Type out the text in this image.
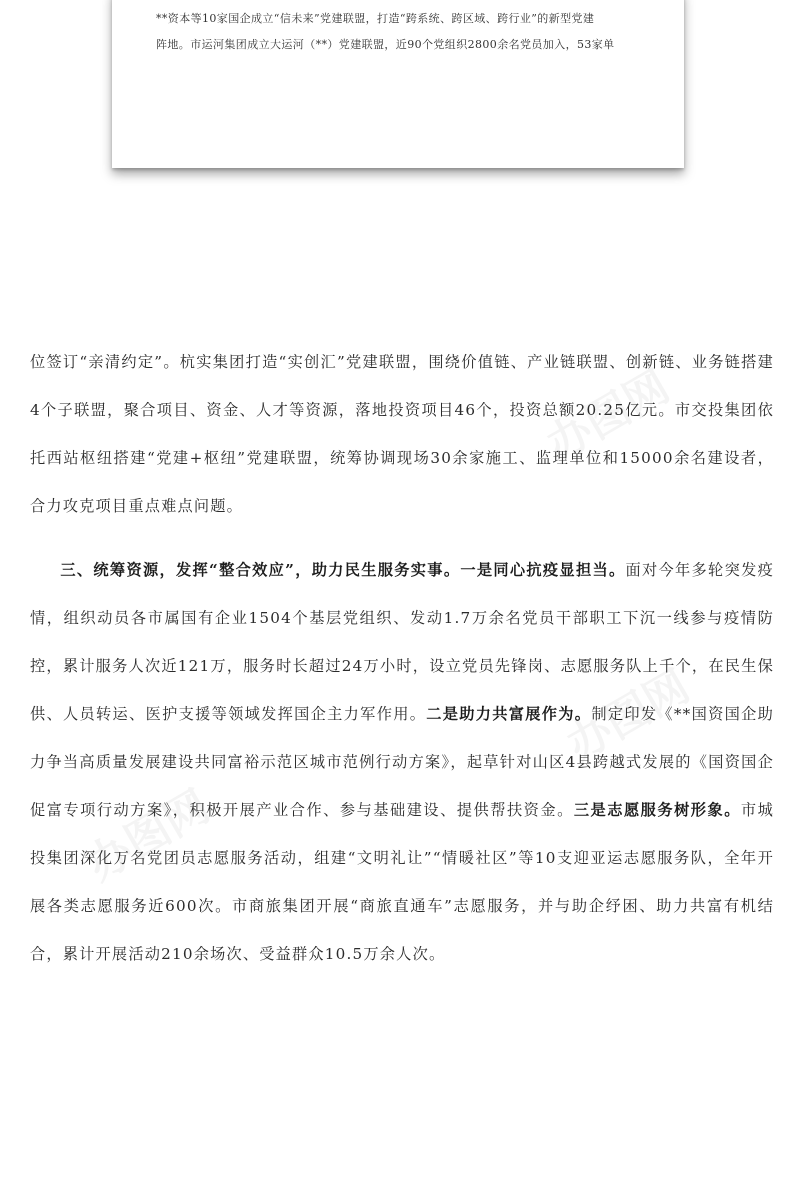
**资本等10家国企成立“信未来”党建联盟，打造“跨系统、跨区域、跨行业”的新型党建

阵地。市运河集团成立大运河（**）党建联盟，近90个党组织2800余名党员加入，53家单

位签订“亲清约定”。杭实集团打造“实创汇”党建联盟，围绕价值链、产业链联盟、创新链、业务链搭建4个子联盟，聚合项目、资金、人才等资源，落地投资项目46个，投资总额20.25亿元。市交投集团依托西站枢纽搭建“党建+枢纽”党建联盟，统筹协调现场30余家施工、监理单位和15000余名建设者，合力攻克项目重点难点问题。

三、统筹资源，发挥“整合效应”，助力民生服务实事。一是同心抗疫显担当。面对今年多轮突发疫情，组织动员各市属国有企业1504个基层党组织、发动1.7万余名党员干部职工下沉一线参与疫情防控，累计服务人次近121万，服务时长超过24万小时，设立党员先锋岗、志愿服务队上千个，在民生保供、人员转运、医护支援等领域发挥国企主力军作用。二是助力共富展作为。制定印发《**国资国企助力争当高质量发展建设共同富裕示范区城市范例行动方案》，起草针对山区4县跨越式发展的《国资国企促富专项行动方案》，积极开展产业合作、参与基础建设、提供帮扶资金。三是志愿服务树形象。市城投集团深化万名党团员志愿服务活动，组建“文明礼让”“情暖社区”等10支迎亚运志愿服务队，全年开展各类志愿服务近600次。市商旅集团开展“商旅直通车”志愿服务，并与助企纾困、助力共富有机结合，累计开展活动210余场次、受益群众10.5万余人次。
